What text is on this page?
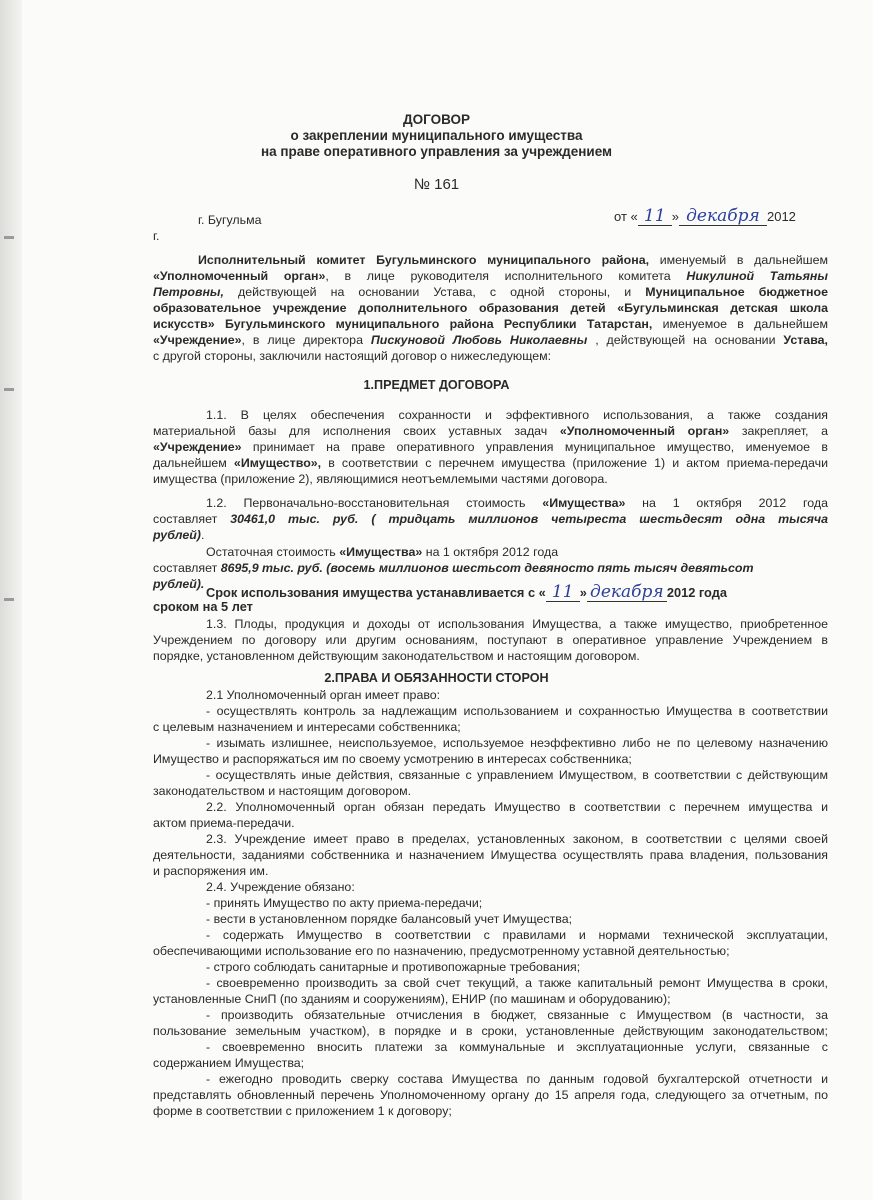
ДОГОВОР
о закреплении муниципального имущества
на праве оперативного управления за учреждением
№ 161
г. Бугульма	от « 11 » декабря 2012
г.
Исполнительный комитет Бугульминского муниципального района, именуемый в дальнейшем
«Уполномоченный орган», в лице руководителя исполнительного комитета Никулиной Татьяны
Петровны, действующей на основании Устава, с одной стороны, и Муниципальное бюджетное
образовательное учреждение дополнительного образования детей «Бугульминская детская школа
искусств» Бугульминского муниципального района Республики Татарстан, именуемое в дальнейшем
«Учреждение», в лице директора Пискуновой Любовь Николаевны , действующей на основании Устава,
с другой стороны, заключили настоящий договор о нижеследующем:
1.ПРЕДМЕТ ДОГОВОРА
1.1. В целях обеспечения сохранности и эффективного использования, а также создания
материальной базы для исполнения своих уставных задач «Уполномоченный орган» закрепляет, а
«Учреждение» принимает на праве оперативного управления муниципальное имущество, именуемое в
дальнейшем «Имущество», в соответствии с перечнем имущества (приложение 1) и актом приема-передачи
имущества (приложение 2), являющимися неотъемлемыми частями договора.
1.2. Первоначально-восстановительная стоимость «Имущества» на 1 октября 2012 года
составляет 30461,0 тыс. руб. ( тридцать миллионов четыреста шестьдесят одна тысяча
рублей).
Остаточная стоимость «Имущества» на 1 октября 2012 года
составляет 8695,9 тыс. руб. (восемь миллионов шестьсот девяносто пять тысяч девятьсот
рублей).
Срок использования имущества устанавливается с « 11 » декабря 2012 года
сроком на 5 лет
1.3. Плоды, продукция и доходы от использования Имущества, а также имущество, приобретенное
Учреждением по договору или другим основаниям, поступают в оперативное управление Учреждением в
порядке, установленном действующим законодательством и настоящим договором.
2.ПРАВА И ОБЯЗАННОСТИ СТОРОН
2.1 Уполномоченный орган имеет право:
- осуществлять контроль за надлежащим использованием и сохранностью Имущества в соответствии
с целевым назначением и интересами собственника;
- изымать излишнее, неиспользуемое, используемое неэффективно либо не по целевому назначению
Имущество и распоряжаться им по своему усмотрению в интересах собственника;
- осуществлять иные действия, связанные с управлением Имуществом, в соответствии с действующим
законодательством и настоящим договором.
2.2. Уполномоченный орган обязан передать Имущество в соответствии с перечнем имущества и
актом приема-передачи.
2.3. Учреждение имеет право в пределах, установленных законом, в соответствии с целями своей
деятельности, заданиями собственника и назначением Имущества осуществлять права владения, пользования
и распоряжения им.
2.4. Учреждение обязано:
- принять Имущество по акту приема-передачи;
- вести в установленном порядке балансовый учет Имущества;
- содержать Имущество в соответствии с правилами и нормами технической эксплуатации,
обеспечивающими использование его по назначению, предусмотренному уставной деятельностью;
- строго соблюдать санитарные и противопожарные требования;
- своевременно производить за свой счет текущий, а также капитальный ремонт Имущества в сроки,
установленные СниП (по зданиям и сооружениям), ЕНИР (по машинам и оборудованию);
- производить обязательные отчисления в бюджет, связанные с Имуществом (в частности, за
пользование земельным участком), в порядке и в сроки, установленные действующим законодательством;
- своевременно вносить платежи за коммунальные и эксплуатационные услуги, связанные с
содержанием Имущества;
- ежегодно проводить сверку состава Имущества по данным годовой бухгалтерской отчетности и
представлять обновленный перечень Уполномоченному органу до 15 апреля года, следующего за отчетным, по
форме в соответствии с приложением 1 к договору;
